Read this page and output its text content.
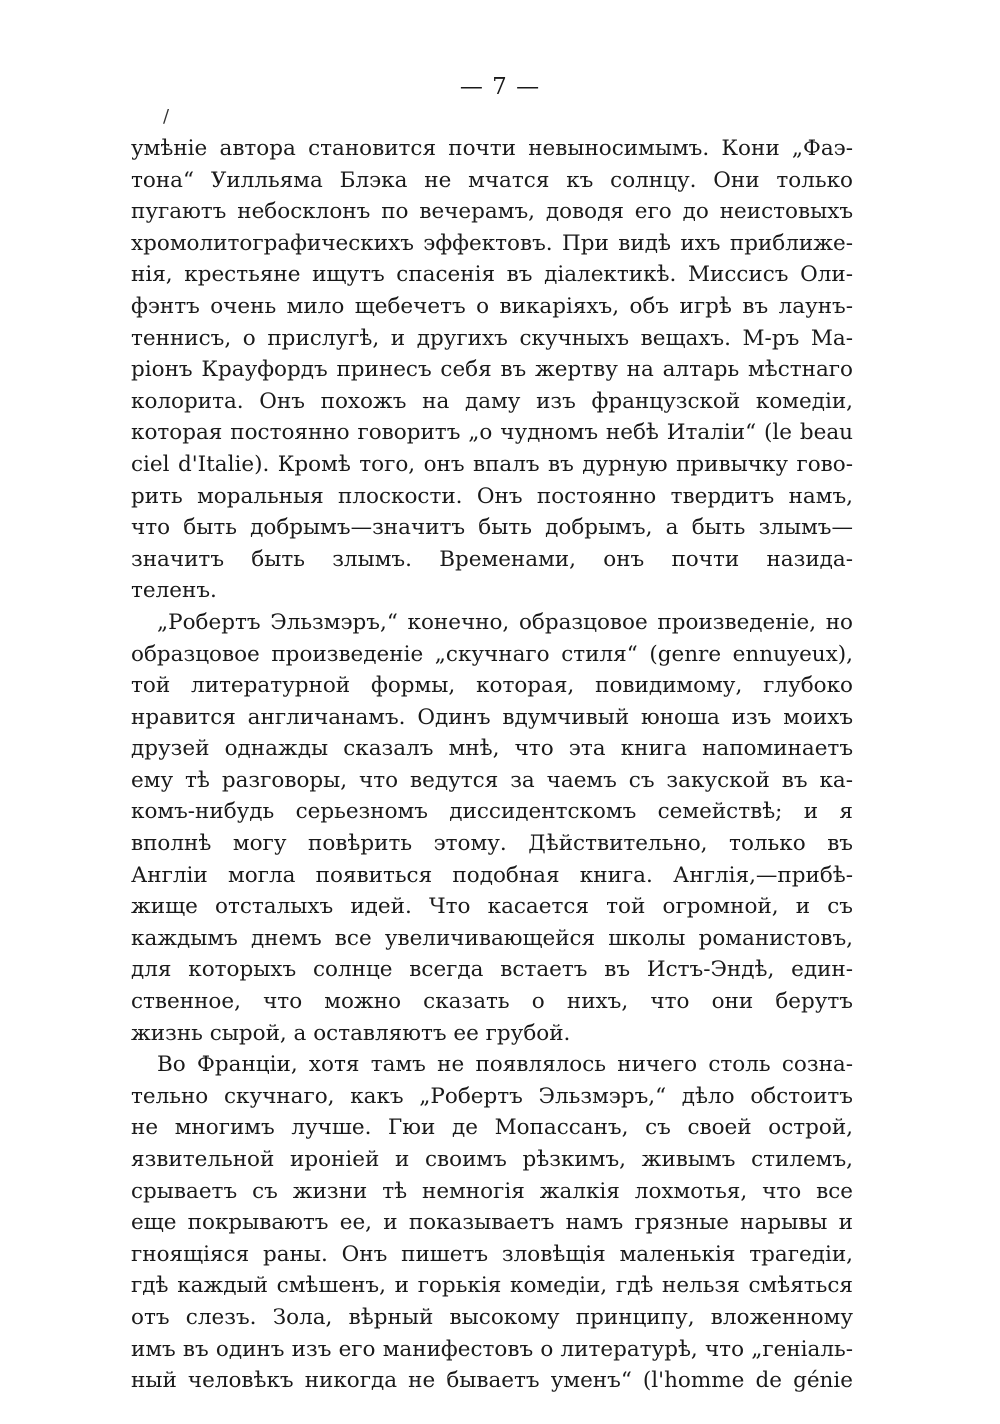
— 7 —
/
умѣніе автора становится почти невыносимымъ. Кони „Фаэ-
тона“ Уилльяма Блэка не мчатся къ солнцу. Они только
пугаютъ небосклонъ по вечерамъ, доводя его до неистовыхъ
хромолитографическихъ эффектовъ. При видѣ ихъ приближе-
нія, крестьяне ищутъ спасенія въ діалектикѣ. Миссисъ Оли-
фэнтъ очень мило щебечетъ о викаріяхъ, объ игрѣ въ лаунъ-
теннисъ, о прислугѣ, и другихъ скучныхъ вещахъ. М-ръ Ма-
ріонъ Крауфордъ принесъ себя въ жертву на алтарь мѣстнаго
колорита. Онъ похожъ на даму изъ французской комедіи,
которая постоянно говоритъ „о чудномъ небѣ Италіи“ (le beau
ciel d'Italie). Кромѣ того, онъ впалъ въ дурную привычку гово-
рить моральныя плоскости. Онъ постоянно твердитъ намъ,
что быть добрымъ—значитъ быть добрымъ, а быть злымъ—
значитъ быть злымъ. Временами, онъ почти назида-
теленъ.
„Робертъ Эльзмэръ,“ конечно, образцовое произведеніе, но
образцовое произведеніе „скучнаго стиля“ (genre ennuyeux),
той литературной формы, которая, повидимому, глубоко
нравится англичанамъ. Одинъ вдумчивый юноша изъ моихъ
друзей однажды сказалъ мнѣ, что эта книга напоминаетъ
ему тѣ разговоры, что ведутся за чаемъ съ закуской въ ка-
комъ-нибудь серьезномъ диссидентскомъ семействѣ; и я
вполнѣ могу повѣрить этому. Дѣйствительно, только въ
Англіи могла появиться подобная книга. Англія,—прибѣ-
жище отсталыхъ идей. Что касается той огромной, и съ
каждымъ днемъ все увеличивающейся школы романистовъ,
для которыхъ солнце всегда встаетъ въ Истъ-Эндѣ, един-
ственное, что можно сказать о нихъ, что они берутъ
жизнь сырой, а оставляютъ ее грубой.
Во Франціи, хотя тамъ не появлялось ничего столь созна-
тельно скучнаго, какъ „Робертъ Эльзмэръ,“ дѣло обстоитъ
не многимъ лучше. Гюи де Мопассанъ, съ своей острой,
язвительной ироніей и своимъ рѣзкимъ, живымъ стилемъ,
срываетъ съ жизни тѣ немногія жалкія лохмотья, что все
еще покрываютъ ее, и показываетъ намъ грязные нарывы и
гноящіяся раны. Онъ пишетъ зловѣщія маленькія трагедіи,
гдѣ каждый смѣшенъ, и горькія комедіи, гдѣ нельзя смѣяться
отъ слезъ. Зола, вѣрный высокому принципу, вложенному
имъ въ одинъ изъ его манифестовъ о литературѣ, что „геніаль-
ный человѣкъ никогда не бываетъ уменъ“ (l'homme de génie
